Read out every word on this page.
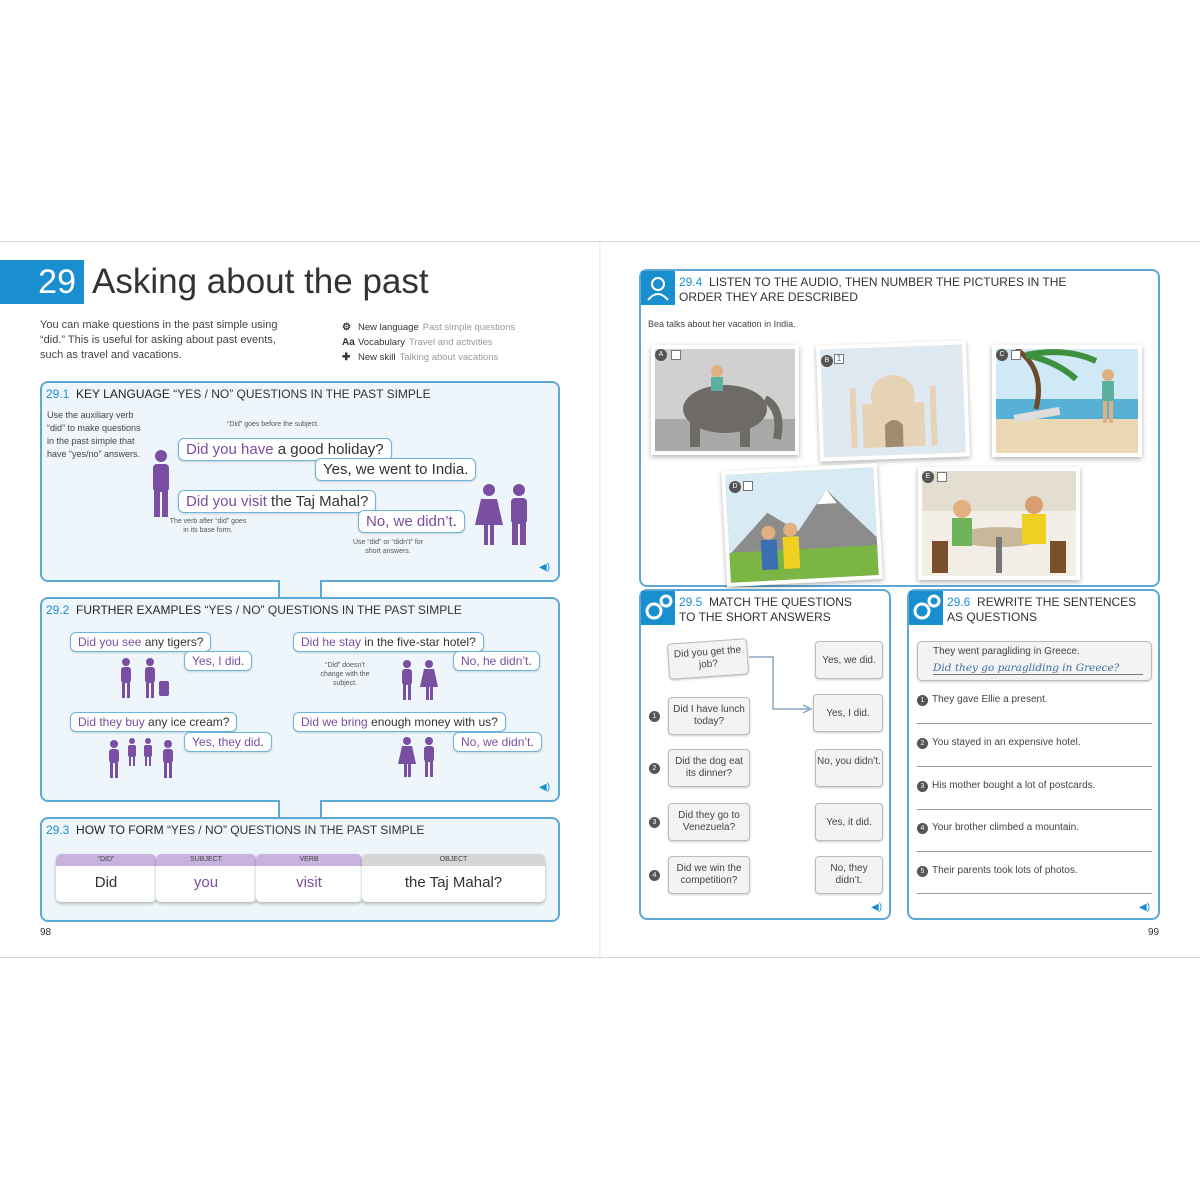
29 Asking about the past
You can make questions in the past simple using “did.” This is useful for asking about past events, such as travel and vacations.
⚙ New language Past simple questions
Aa Vocabulary Travel and activities
✚ New skill Talking about vacations
29.1 KEY LANGUAGE “YES / NO” QUESTIONS IN THE PAST SIMPLE
Use the auxiliary verb “did” to make questions in the past simple that have “yes/no” answers.
“Did” goes before the subject.
Did you have a good holiday?
Yes, we went to India.
Did you visit the Taj Mahal?
No, we didn’t.
The verb after “did” goes in its base form.
Use “did” or “didn’t” for short answers.
◀)
29.2 FURTHER EXAMPLES “YES / NO” QUESTIONS IN THE PAST SIMPLE
Did you see any tigers?
Yes, I did.
Did he stay in the five-star hotel?
No, he didn’t.
“Did” doesn’t change with the subject.
Did they buy any ice cream?
Yes, they did.
Did we bring enough money with us?
No, we didn’t.
◀)
29.3 HOW TO FORM “YES / NO” QUESTIONS IN THE PAST SIMPLE
“DID”
Did
SUBJECT
you
VERB
visit
OBJECT
the Taj Mahal?
98
29.4 LISTEN TO THE AUDIO, THEN NUMBER THE PICTURES IN THE
ORDER THEY ARE DESCRIBED
Bea talks about her vacation in India.
A
B 1	C
D
E
29.5 MATCH THE QUESTIONS
TO THE SHORT ANSWERS
Did you get the job?
Did I have lunch today?
Did the dog eat its dinner?
Did they go to Venezuela?
Did we win the competition?
1
2
3
4
Yes, we did.
Yes, I did.
No, you didn’t.
Yes, it did.
No, they didn’t.
◀)
29.6 REWRITE THE SENTENCES
AS QUESTIONS
They went paragliding in Greece.
Did they go paragliding in Greece?
1 They gave Ellie a present.
2 You stayed in an expensive hotel.
3 His mother bought a lot of postcards.
4 Your brother climbed a mountain.
5 Their parents took lots of photos.
◀)
99
